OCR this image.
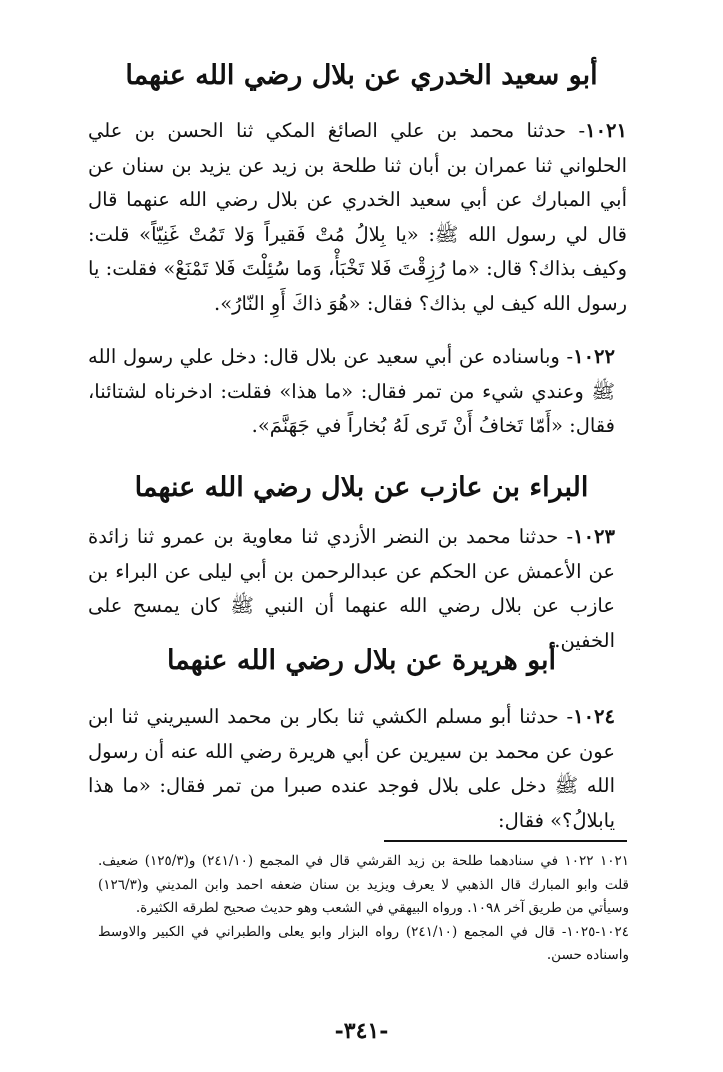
أبو سعيد الخدري عن بلال رضي الله عنهما
١٠٢١- حدثنا محمد بن علي الصائغ المكي ثنا الحسن بن علي الحلواني ثنا عمران بن أبان ثنا طلحة بن زيد عن يزيد بن سنان عن أبي المبارك عن أبي سعيد الخدري عن بلال رضي الله عنهما قال قال لي رسول الله ﷺ: «يا بِلالُ مُتْ فَقيراً وَلا تَمُتْ غَنِيّاً» قلت: وكيف بذاك؟ قال: «ما رُزِقْتَ فَلا تَخْبَأْ، وَما سُئِلْتَ فَلا تَمْنَعْ» فقلت: يا رسول الله كيف لي بذاك؟ فقال: «هُوَ ذاكَ أَوِ النّارُ».
١٠٢٢- وباسناده عن أبي سعيد عن بلال قال: دخل علي رسول الله ﷺ وعندي شيء من تمر فقال: «ما هذا» فقلت: ادخرناه لشتائنا، فقال: «أَمّا تَخافُ أَنْ تَرى لَهُ بُخاراً في جَهَنَّمَ».
البراء بن عازب عن بلال رضي الله عنهما
١٠٢٣- حدثنا محمد بن النضر الأزدي ثنا معاوية بن عمرو ثنا زائدة عن الأعمش عن الحكم عن عبدالرحمن بن أبي ليلى عن البراء بن عازب عن بلال رضي الله عنهما أن النبي ﷺ كان يمسح على الخفين.
أبو هريرة عن بلال رضي الله عنهما
١٠٢٤- حدثنا أبو مسلم الكشي ثنا بكار بن محمد السيريني ثنا ابن عون عن محمد بن سيرين عن أبي هريرة رضي الله عنه أن رسول الله ﷺ دخل على بلال فوجد عنده صبرا من تمر فقال: «ما هذا يابلالُ؟» فقال:

١٠٢١ ١٠٢٢ في سنادهما طلحة بن زيد القرشي قال في المجمع (٢٤١/١٠) و(١٢٥/٣) ضعيف. قلت وابو المبارك قال الذهبي لا يعرف ويزيد بن سنان ضعفه احمد وابن المديني و(١٢٦/٣) وسيأتي من طريق آخر ١٠٩٨. ورواه البيهقي في الشعب وهو حديث صحيح لطرقه الكثيرة.

١٠٢٤-١٠٢٥- قال في المجمع (٢٤١/١٠) رواه البزار وابو يعلى والطبراني في الكبير والاوسط واسناده حسن.

-٣٤١-
